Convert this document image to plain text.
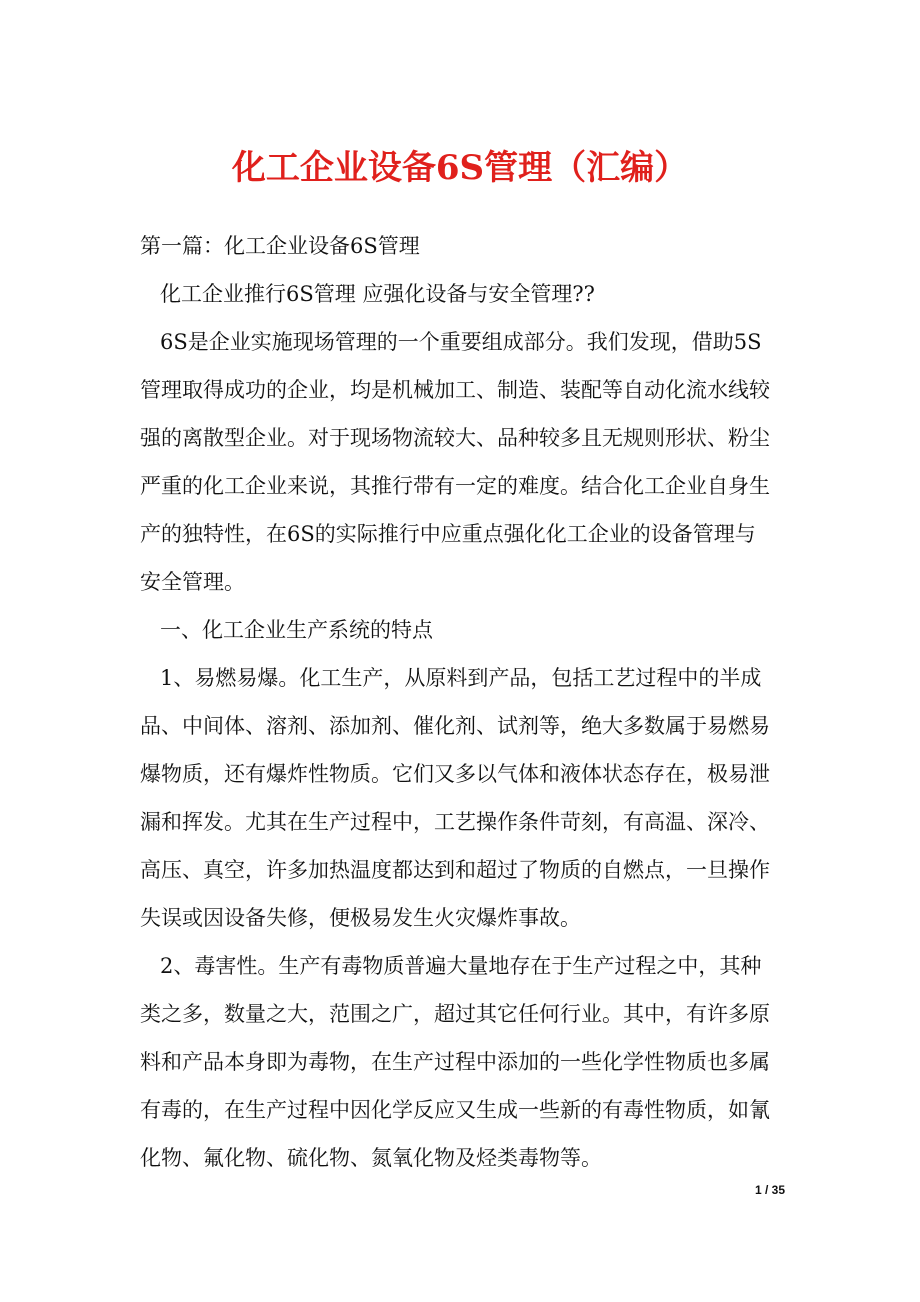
化工企业设备6S管理（汇编）
第一篇：化工企业设备6S管理
化工企业推行6S管理 应强化设备与安全管理??
6S是企业实施现场管理的一个重要组成部分。我们发现，借助5S
管理取得成功的企业，均是机械加工、制造、装配等自动化流水线较
强的离散型企业。对于现场物流较大、品种较多且无规则形状、粉尘
严重的化工企业来说，其推行带有一定的难度。结合化工企业自身生
产的独特性，在6S的实际推行中应重点强化化工企业的设备管理与
安全管理。
一、化工企业生产系统的特点
1、易燃易爆。化工生产，从原料到产品，包括工艺过程中的半成
品、中间体、溶剂、添加剂、催化剂、试剂等，绝大多数属于易燃易
爆物质，还有爆炸性物质。它们又多以气体和液体状态存在，极易泄
漏和挥发。尤其在生产过程中，工艺操作条件苛刻，有高温、深冷、
高压、真空，许多加热温度都达到和超过了物质的自燃点，一旦操作
失误或因设备失修，便极易发生火灾爆炸事故。
2、毒害性。生产有毒物质普遍大量地存在于生产过程之中，其种
类之多，数量之大，范围之广，超过其它任何行业。其中，有许多原
料和产品本身即为毒物，在生产过程中添加的一些化学性物质也多属
有毒的，在生产过程中因化学反应又生成一些新的有毒性物质，如氰
化物、氟化物、硫化物、氮氧化物及烃类毒物等。
1 / 35
